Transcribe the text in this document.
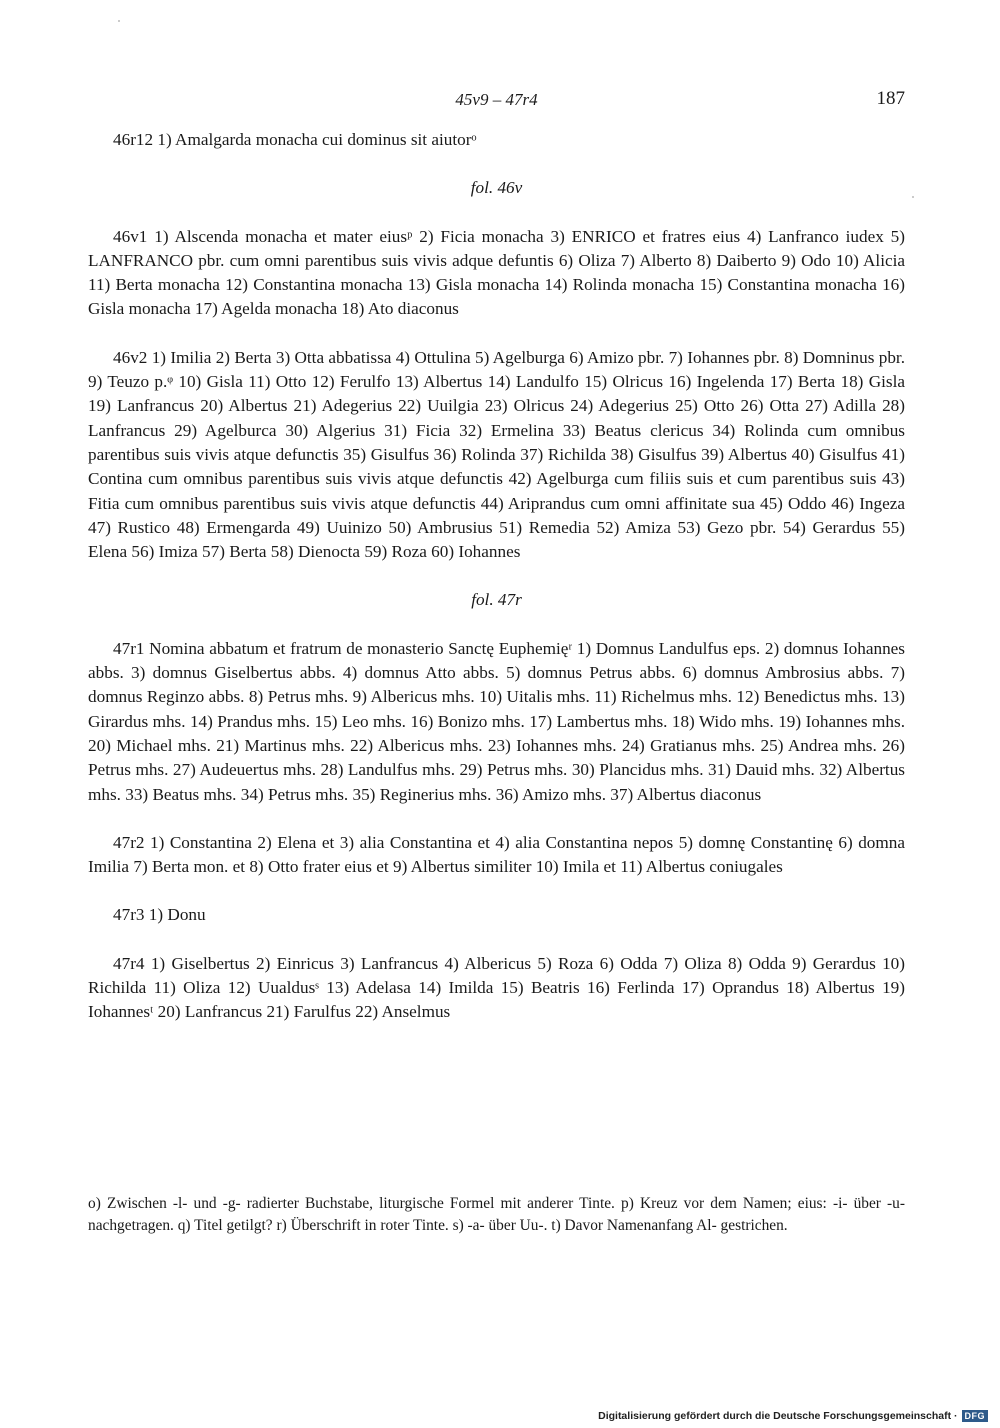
45v9 – 47r4	187

46r12 1) Amalgarda monacha cui dominus sit aiutorᵒ

fol. 46v

46v1 1) Alscenda monacha et mater eiusᵖ 2) Ficia monacha 3) ENRICO et fratres eius 4) Lanfranco iudex 5) LANFRANCO pbr. cum omni parentibus suis vivis adque defuntis 6) Oliza 7) Alberto 8) Daiberto 9) Odo 10) Alicia 11) Berta monacha 12) Constantina monacha 13) Gisla monacha 14) Rolinda monacha 15) Constantina monacha 16) Gisla monacha 17) Agelda monacha 18) Ato diaconus

46v2 1) Imilia 2) Berta 3) Otta abbatissa 4) Ottulina 5) Agelburga 6) Amizo pbr. 7) Iohannes pbr. 8) Domninus pbr. 9) Teuzo p.ᵠ 10) Gisla 11) Otto 12) Ferulfo 13) Albertus 14) Landulfo 15) Olricus 16) Ingelenda 17) Berta 18) Gisla 19) Lanfrancus 20) Albertus 21) Adegerius 22) Uuilgia 23) Olricus 24) Adegerius 25) Otto 26) Otta 27) Adilla 28) Lanfrancus 29) Agelburca 30) Algerius 31) Ficia 32) Ermelina 33) Beatus clericus 34) Rolinda cum omnibus parentibus suis vivis atque defunctis 35) Gisulfus 36) Rolinda 37) Richilda 38) Gisulfus 39) Albertus 40) Gisulfus 41) Contina cum omnibus parentibus suis vivis atque defunctis 42) Agelburga cum filiis suis et cum parentibus suis 43) Fitia cum omnibus parentibus suis vivis atque defunctis 44) Ariprandus cum omni affinitate sua 45) Oddo 46) Ingeza 47) Rustico 48) Ermengarda 49) Uuinizo 50) Ambrusius 51) Remedia 52) Amiza 53) Gezo pbr. 54) Gerardus 55) Elena 56) Imiza 57) Berta 58) Dienocta 59) Roza 60) Iohannes

fol. 47r

47r1 Nomina abbatum et fratrum de monasterio Sanctę Euphemięʳ 1) Domnus Landulfus eps. 2) domnus Iohannes abbs. 3) domnus Giselbertus abbs. 4) domnus Atto abbs. 5) domnus Petrus abbs. 6) domnus Ambrosius abbs. 7) domnus Reginzo abbs. 8) Petrus mhs. 9) Albericus mhs. 10) Uitalis mhs. 11) Richelmus mhs. 12) Benedictus mhs. 13) Girardus mhs. 14) Prandus mhs. 15) Leo mhs. 16) Bonizo mhs. 17) Lambertus mhs. 18) Wido mhs. 19) Iohannes mhs. 20) Michael mhs. 21) Martinus mhs. 22) Albericus mhs. 23) Iohannes mhs. 24) Gratianus mhs. 25) Andrea mhs. 26) Petrus mhs. 27) Audeuertus mhs. 28) Landulfus mhs. 29) Petrus mhs. 30) Plancidus mhs. 31) Dauid mhs. 32) Albertus mhs. 33) Beatus mhs. 34) Petrus mhs. 35) Reginerius mhs. 36) Amizo mhs. 37) Albertus diaconus

47r2 1) Constantina 2) Elena et 3) alia Constantina et 4) alia Constantina nepos 5) domnę Constantinę 6) domna Imilia 7) Berta mon. et 8) Otto frater eius et 9) Albertus similiter 10) Imila et 11) Albertus coniugales

47r3 1) Donu

47r4 1) Giselbertus 2) Einricus 3) Lanfrancus 4) Albericus 5) Roza 6) Odda 7) Oliza 8) Odda 9) Gerardus 10) Richilda 11) Oliza 12) Uualdusˢ 13) Adelasa 14) Imilda 15) Beatris 16) Ferlinda 17) Oprandus 18) Albertus 19) Iohannesᵗ 20) Lanfrancus 21) Farulfus 22) Anselmus

o) Zwischen -l- und -g- radierter Buchstabe, liturgische Formel mit anderer Tinte. p) Kreuz vor dem Namen; eius: -i- über -u- nachgetragen. q) Titel getilgt? r) Überschrift in roter Tinte. s) -a- über Uu-. t) Davor Namenanfang Al- gestrichen.

Digitalisierung gefördert durch die Deutsche Forschungsgemeinschaft · DFG
